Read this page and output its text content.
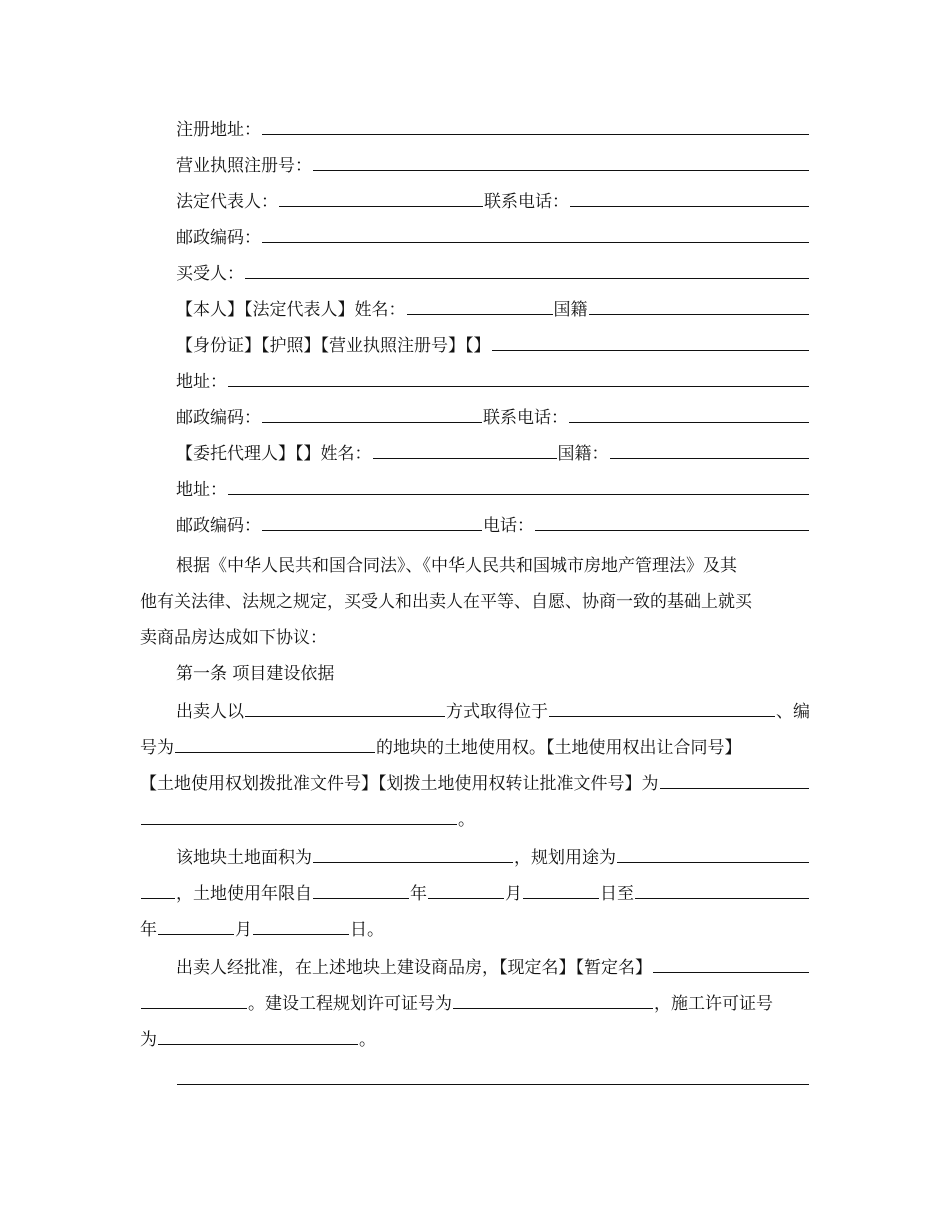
注册地址：
营业执照注册号：
法定代表人：	联系电话：
邮政编码：
买受人：
【本人】【法定代表人】姓名：	国籍
【身份证】【护照】【营业执照注册号】【】
地址：
邮政编码：	联系电话：
【委托代理人】【】姓名：	国籍：
地址：
邮政编码：	电话：
根据《中华人民共和国合同法》、《中华人民共和国城市房地产管理法》及其
他有关法律、法规之规定，买受人和出卖人在平等、自愿、协商一致的基础上就买
卖商品房达成如下协议：
第一条 项目建设依据
出卖人以	方式取得位于	、编
号为	的地块的土地使用权。【土地使用权出让合同号】
【土地使用权划拨批准文件号】【划拨土地使用权转让批准文件号】为
。
该地块土地面积为	，规划用途为
，土地使用年限自	年	月	日至
年	月	日。
出卖人经批准，在上述地块上建设商品房，【现定名】【暂定名】
。建设工程规划许可证号为	，施工许可证号
为	。
